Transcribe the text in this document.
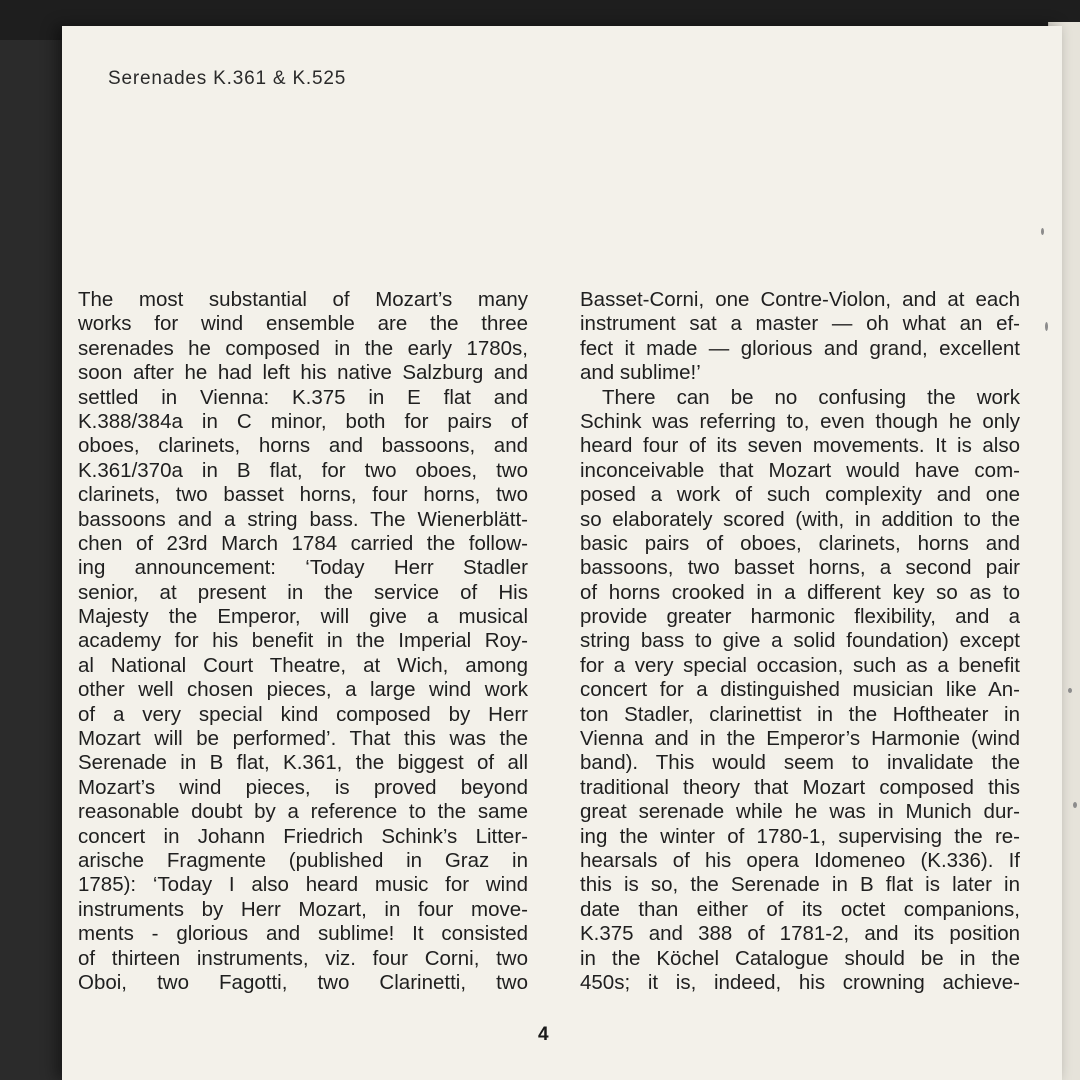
Serenades K.361 & K.525
The most substantial of Mozart’s many
works for wind ensemble are the three
serenades he composed in the early 1780s,
soon after he had left his native Salzburg and
settled in Vienna: K.375 in E flat and
K.388/384a in C minor, both for pairs of
oboes, clarinets, horns and bassoons, and
K.361/370a in B flat, for two oboes, two
clarinets, two basset horns, four horns, two
bassoons and a string bass. The Wienerblätt-
chen of 23rd March 1784 carried the follow-
ing announcement: ‘Today Herr Stadler
senior, at present in the service of His
Majesty the Emperor, will give a musical
academy for his benefit in the Imperial Roy-
al National Court Theatre, at Wich, among
other well chosen pieces, a large wind work
of a very special kind composed by Herr
Mozart will be performed’. That this was the
Serenade in B flat, K.361, the biggest of all
Mozart’s wind pieces, is proved beyond
reasonable doubt by a reference to the same
concert in Johann Friedrich Schink’s Litter-
arische Fragmente (published in Graz in
1785): ‘Today I also heard music for wind
instruments by Herr Mozart, in four move-
ments - glorious and sublime! It consisted
of thirteen instruments, viz. four Corni, two
Oboi, two Fagotti, two Clarinetti, two
Basset-Corni, one Contre-Violon, and at each
instrument sat a master — oh what an ef-
fect it made — glorious and grand, excellent
and sublime!’
There can be no confusing the work
Schink was referring to, even though he only
heard four of its seven movements. It is also
inconceivable that Mozart would have com-
posed a work of such complexity and one
so elaborately scored (with, in addition to the
basic pairs of oboes, clarinets, horns and
bassoons, two basset horns, a second pair
of horns crooked in a different key so as to
provide greater harmonic flexibility, and a
string bass to give a solid foundation) except
for a very special occasion, such as a benefit
concert for a distinguished musician like An-
ton Stadler, clarinettist in the Hoftheater in
Vienna and in the Emperor’s Harmonie (wind
band). This would seem to invalidate the
traditional theory that Mozart composed this
great serenade while he was in Munich dur-
ing the winter of 1780-1, supervising the re-
hearsals of his opera Idomeneo (K.336). If
this is so, the Serenade in B flat is later in
date than either of its octet companions,
K.375 and 388 of 1781-2, and its position
in the Köchel Catalogue should be in the
450s; it is, indeed, his crowning achieve-
4
